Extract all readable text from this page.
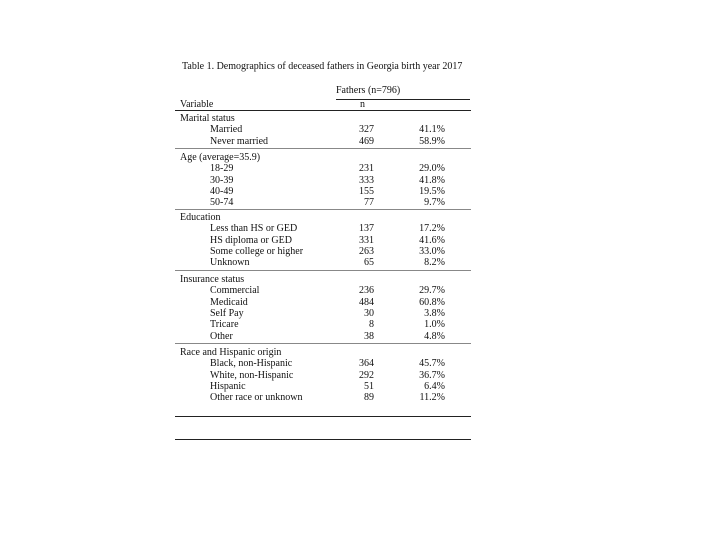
Table 1. Demographics of deceased fathers in Georgia birth year 2017
Fathers (n=796)
Variable	n
Marital status
Married	327	41.1%
Never married	469	58.9%
Age (average=35.9)
18-29	231	29.0%
30-39	333	41.8%
40-49	155	19.5%
50-74	77	9.7%
Education
Less than HS or GED	137	17.2%
HS diploma or GED	331	41.6%
Some college or higher	263	33.0%
Unknown	65	8.2%
Insurance status
Commercial	236	29.7%
Medicaid	484	60.8%
Self Pay	30	3.8%
Tricare	8	1.0%
Other	38	4.8%
Race and Hispanic origin
Black, non-Hispanic	364	45.7%
White, non-Hispanic	292	36.7%
Hispanic	51	6.4%
Other race or unknown	89	11.2%
